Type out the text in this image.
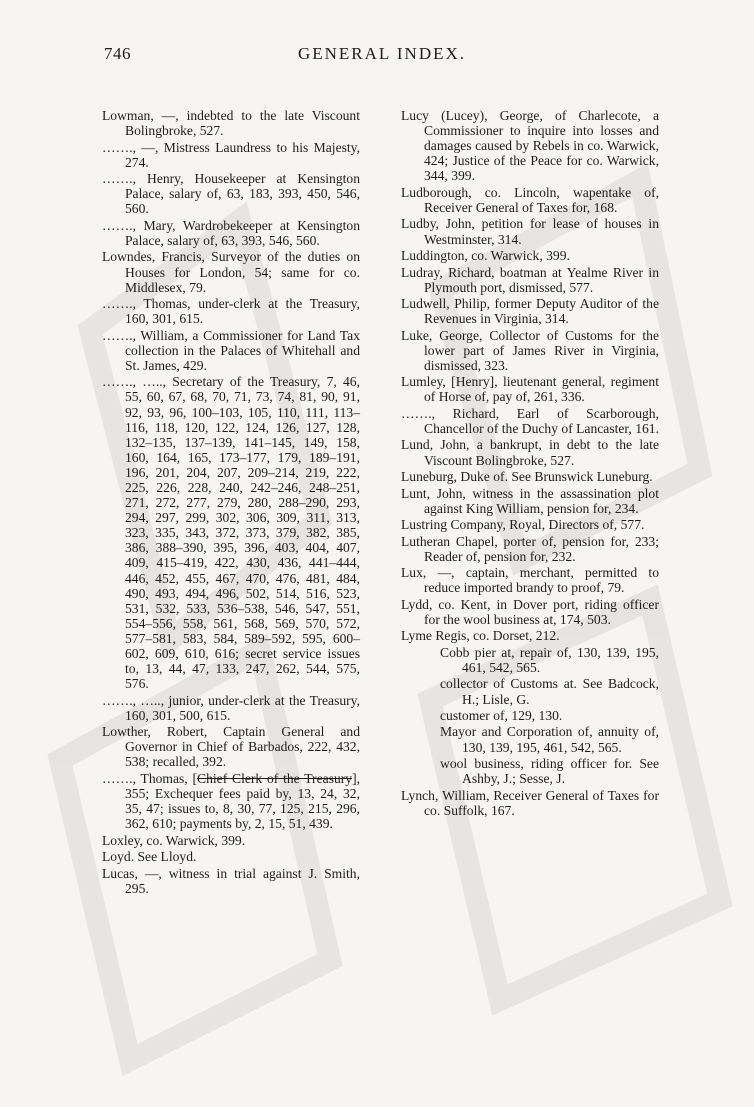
746	GENERAL INDEX.

Lowman, —, indebted to the late Viscount Bolingbroke, 527.

……., —, Mistress Laundress to his Majesty, 274.

……., Henry, Housekeeper at Kensington Palace, salary of, 63, 183, 393, 450, 546, 560.

……., Mary, Wardrobekeeper at Kensington Palace, salary of, 63, 393, 546, 560.

Lowndes, Francis, Surveyor of the duties on Houses for London, 54; same for co. Middlesex, 79.

……., Thomas, under-clerk at the Treasury, 160, 301, 615.

……., William, a Commissioner for Land Tax collection in the Palaces of Whitehall and St. James, 429.

……., ….., Secretary of the Treasury, 7, 46, 55, 60, 67, 68, 70, 71, 73, 74, 81, 90, 91, 92, 93, 96, 100–103, 105, 110, 111, 113–116, 118, 120, 122, 124, 126, 127, 128, 132–135, 137–139, 141–145, 149, 158, 160, 164, 165, 173–177, 179, 189–191, 196, 201, 204, 207, 209–214, 219, 222, 225, 226, 228, 240, 242–246, 248–251, 271, 272, 277, 279, 280, 288–290, 293, 294, 297, 299, 302, 306, 309, 311, 313, 323, 335, 343, 372, 373, 379, 382, 385, 386, 388–390, 395, 396, 403, 404, 407, 409, 415–419, 422, 430, 436, 441–444, 446, 452, 455, 467, 470, 476, 481, 484, 490, 493, 494, 496, 502, 514, 516, 523, 531, 532, 533, 536–538, 546, 547, 551, 554–556, 558, 561, 568, 569, 570, 572, 577–581, 583, 584, 589–592, 595, 600–602, 609, 610, 616; secret service issues to, 13, 44, 47, 133, 247, 262, 544, 575, 576.

……., ….., junior, under-clerk at the Treasury, 160, 301, 500, 615.

Lowther, Robert, Captain General and Governor in Chief of Barbados, 222, 432, 538; recalled, 392.

……., Thomas, [Chief Clerk of the Treasury], 355; Exchequer fees paid by, 13, 24, 32, 35, 47; issues to, 8, 30, 77, 125, 215, 296, 362, 610; payments by, 2, 15, 51, 439.

Loxley, co. Warwick, 399.

Loyd. See Lloyd.

Lucas, —, witness in trial against J. Smith, 295.

Lucy (Lucey), George, of Charlecote, a Commissioner to inquire into losses and damages caused by Rebels in co. Warwick, 424; Justice of the Peace for co. Warwick, 344, 399.

Ludborough, co. Lincoln, wapentake of, Receiver General of Taxes for, 168.

Ludby, John, petition for lease of houses in Westminster, 314.

Luddington, co. Warwick, 399.

Ludray, Richard, boatman at Yealme River in Plymouth port, dismissed, 577.

Ludwell, Philip, former Deputy Auditor of the Revenues in Virginia, 314.

Luke, George, Collector of Customs for the lower part of James River in Virginia, dismissed, 323.

Lumley, [Henry], lieutenant general, regiment of Horse of, pay of, 261, 336.

……., Richard, Earl of Scarborough, Chancellor of the Duchy of Lancaster, 161.

Lund, John, a bankrupt, in debt to the late Viscount Bolingbroke, 527.

Luneburg, Duke of. See Brunswick Luneburg.

Lunt, John, witness in the assassination plot against King William, pension for, 234.

Lustring Company, Royal, Directors of, 577.

Lutheran Chapel, porter of, pension for, 233; Reader of, pension for, 232.

Lux, —, captain, merchant, permitted to reduce imported brandy to proof, 79.

Lydd, co. Kent, in Dover port, riding officer for the wool business at, 174, 503.

Lyme Regis, co. Dorset, 212.

Cobb pier at, repair of, 130, 139, 195, 461, 542, 565.

collector of Customs at. See Badcock, H.; Lisle, G.

customer of, 129, 130.

Mayor and Corporation of, annuity of, 130, 139, 195, 461, 542, 565.

wool business, riding officer for. See Ashby, J.; Sesse, J.

Lynch, William, Receiver General of Taxes for co. Suffolk, 167.
